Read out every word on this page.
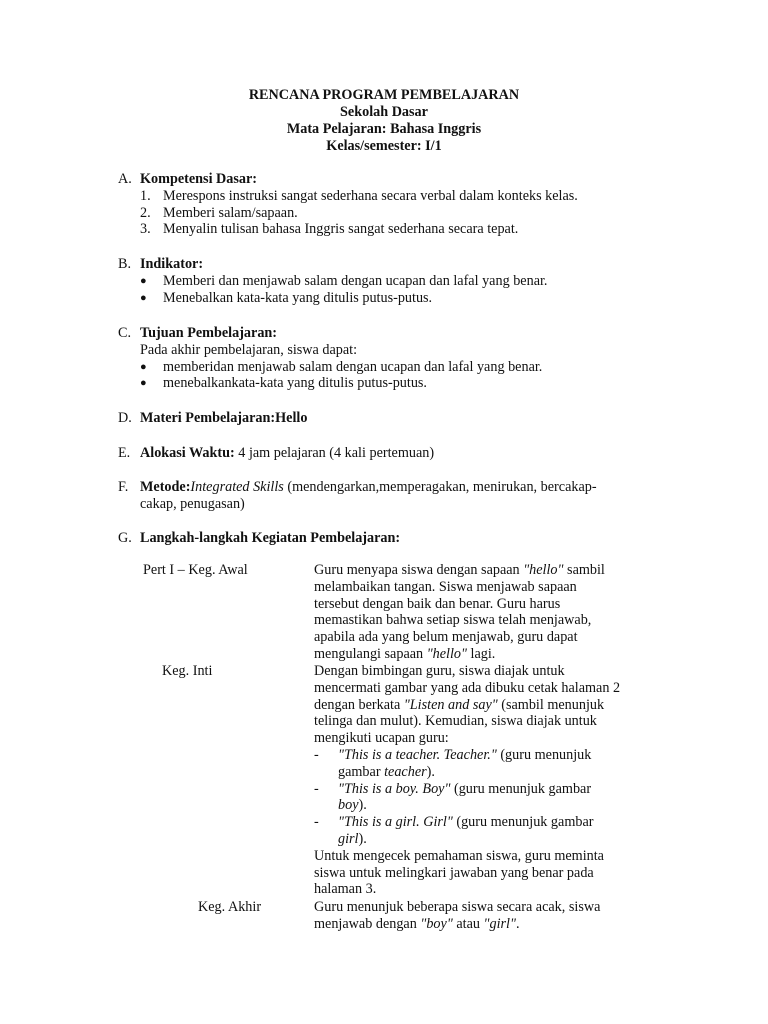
RENCANA PROGRAM PEMBELAJARAN
Sekolah Dasar
Mata Pelajaran: Bahasa Inggris
Kelas/semester: I/1
A. Kompetensi Dasar:
1. Merespons instruksi sangat sederhana secara verbal dalam konteks kelas.
2. Memberi salam/sapaan.
3. Menyalin tulisan bahasa Inggris sangat sederhana secara tepat.
B. Indikator:
●	Memberi dan menjawab salam dengan ucapan dan lafal yang benar.
●	Menebalkan kata-kata yang ditulis putus-putus.
C. Tujuan Pembelajaran:
Pada akhir pembelajaran, siswa dapat:
●	memberidan menjawab salam dengan ucapan dan lafal yang benar.
●	menebalkankata-kata yang ditulis putus-putus.
D. Materi Pembelajaran: Hello
E. Alokasi Waktu: 4 jam pelajaran (4 kali pertemuan)
F. Metode:Integrated Skills (mendengarkan,memperagakan, menirukan, bercakap-
cakap, penugasan)
G. Langkah-langkah Kegiatan Pembelajaran:
Pert I – Keg. Awal	Guru menyapa siswa dengan sapaan "hello" sambil
melambaikan tangan. Siswa menjawab sapaan
tersebut dengan baik dan benar. Guru harus
memastikan bahwa setiap siswa telah menjawab,
apabila ada yang belum menjawab, guru dapat
mengulangi sapaan "hello" lagi.
Keg. Inti	Dengan bimbingan guru, siswa diajak untuk
mencermati gambar yang ada dibuku cetak halaman 2
dengan berkata "Listen and say" (sambil menunjuk
telinga dan mulut). Kemudian, siswa diajak untuk
mengikuti ucapan guru:
-	"This is a teacher. Teacher." (guru menunjuk
gambar teacher).
-	"This is a boy. Boy" (guru menunjuk gambar
boy).
-	"This is a girl. Girl" (guru menunjuk gambar
girl).
Untuk mengecek pemahaman siswa, guru meminta
siswa untuk melingkari jawaban yang benar pada
halaman 3.
Keg. Akhir	Guru menunjuk beberapa siswa secara acak, siswa
menjawab dengan "boy" atau "girl".
